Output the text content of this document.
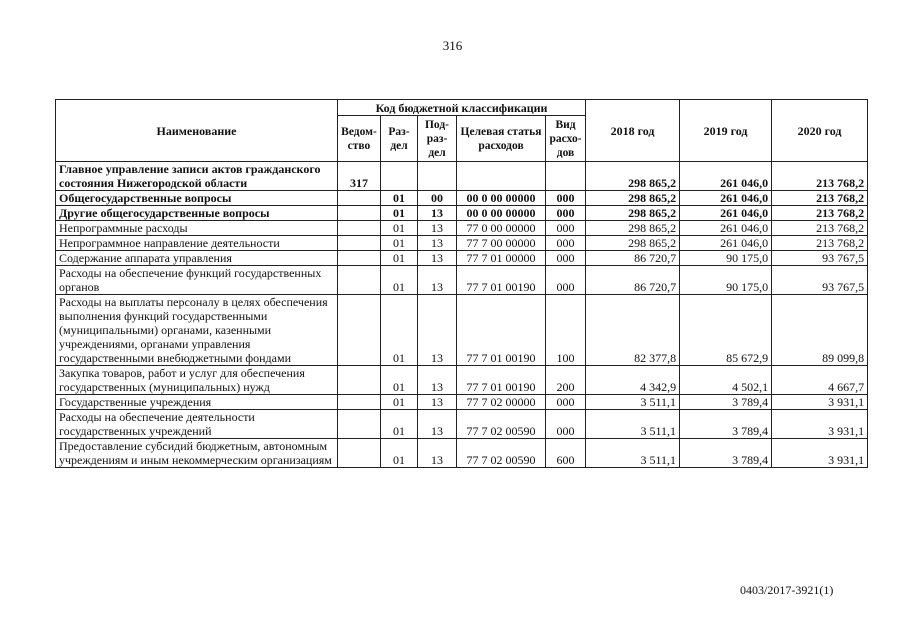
316
Наименование	Код бюджетной классификации					2018 год	2019 год	2020 год
	Ведом-ство	Раз-дел	Под-раз-дел	Целевая статья расходов	Вид расхо-дов			
Главное управление записи актов гражданского состояния Нижегородской области	317					298 865,2	261 046,0	213 768,2
Общегосударственные вопросы		01	00	00 0 00 00000	000	298 865,2	261 046,0	213 768,2
Другие общегосударственные вопросы		01	13	00 0 00 00000	000	298 865,2	261 046,0	213 768,2
Непрограммные расходы		01	13	77 0 00 00000	000	298 865,2	261 046,0	213 768,2
Непрограммное направление деятельности		01	13	77 7 00 00000	000	298 865,2	261 046,0	213 768,2
Содержание аппарата управления		01	13	77 7 01 00000	000	86 720,7	90 175,0	93 767,5
Расходы на обеспечение функций государственных органов		01	13	77 7 01 00190	000	86 720,7	90 175,0	93 767,5
Расходы на выплаты персоналу в целях обеспечения выполнения функций государственными (муниципальными) органами, казенными учреждениями, органами управления государственными внебюджетными фондами		01	13	77 7 01 00190	100	82 377,8	85 672,9	89 099,8
Закупка товаров, работ и услуг для обеспечения государственных (муниципальных) нужд		01	13	77 7 01 00190	200	4 342,9	4 502,1	4 667,7
Государственные учреждения		01	13	77 7 02 00000	000	3 511,1	3 789,4	3 931,1
Расходы на обеспечение деятельности государственных учреждений		01	13	77 7 02 00590	000	3 511,1	3 789,4	3 931,1
Предоставление субсидий бюджетным, автономным учреждениям и иным некоммерческим организациям		01	13	77 7 02 00590	600	3 511,1	3 789,4	3 931,1
0403/2017-3921(1)
